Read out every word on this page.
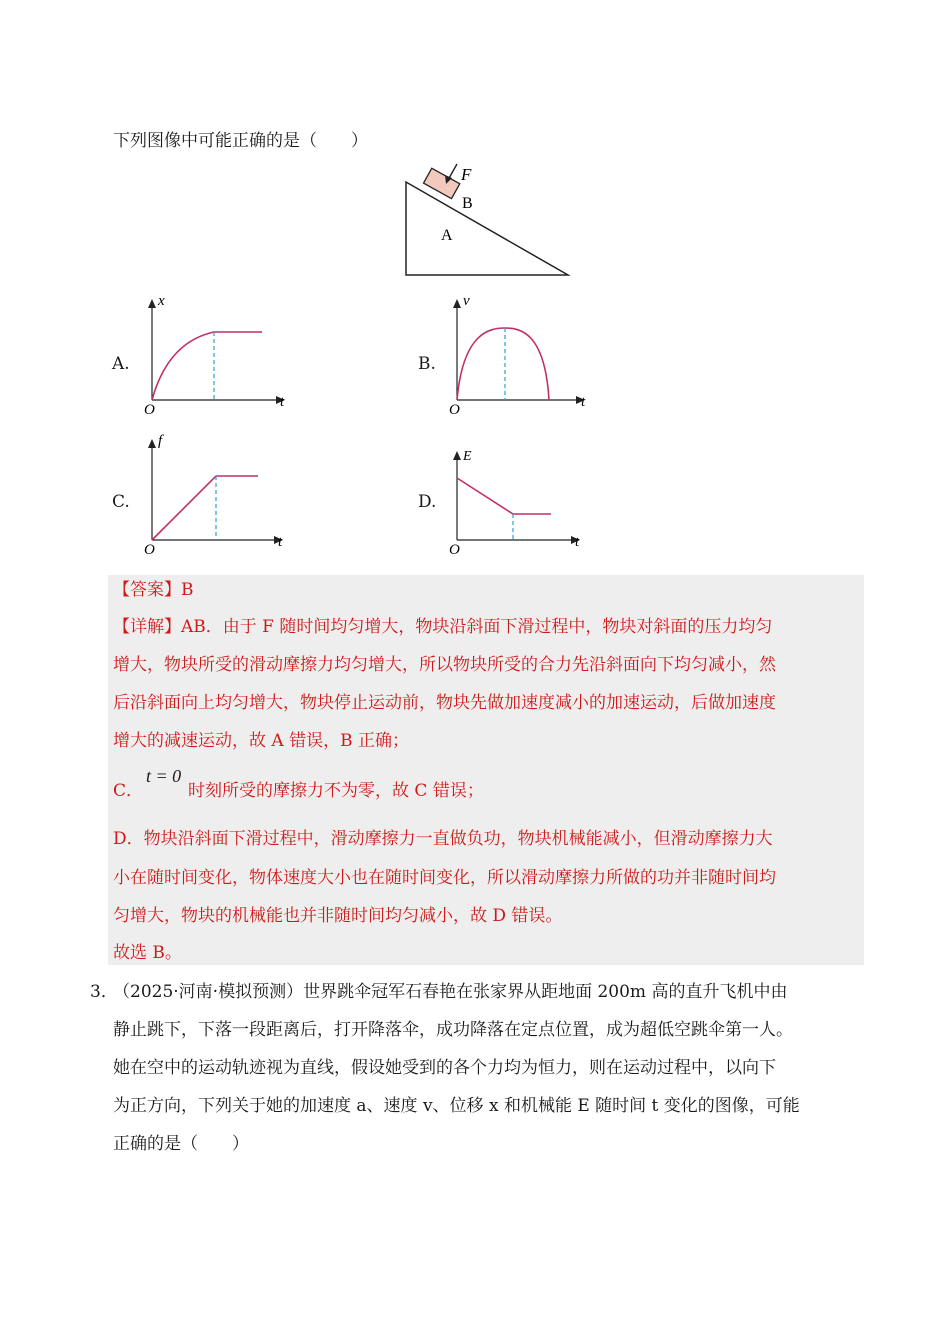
下列图像中可能正确的是（　　）
F
B
A
A.
x
t
O
B.
v
t
O
C.
f
t
O
D.
E
t
O
【答案】B
【详解】AB．由于 F 随时间均匀增大，物块沿斜面下滑过程中，物块对斜面的压力均匀
增大，物块所受的滑动摩擦力均匀增大，所以物块所受的合力先沿斜面向下均匀减小，然
后沿斜面向上均匀增大，物块停止运动前，物块先做加速度减小的加速运动，后做加速度
增大的减速运动，故 A 错误，B 正确；
C．
t = 0
时刻所受的摩擦力不为零，故 C 错误；
D．物块沿斜面下滑过程中，滑动摩擦力一直做负功，物块机械能减小，但滑动摩擦力大
小在随时间变化，物体速度大小也在随时间变化，所以滑动摩擦力所做的功并非随时间均
匀增大，物块的机械能也并非随时间均匀减小，故 D 错误。
故选 B。
3．
（2025·河南·模拟预测）世界跳伞冠军石春艳在张家界从距地面 200m 高的直升飞机中由
静止跳下，下落一段距离后，打开降落伞，成功降落在定点位置，成为超低空跳伞第一人。
她在空中的运动轨迹视为直线，假设她受到的各个力均为恒力，则在运动过程中，以向下
为正方向，下列关于她的加速度 a、速度 v、位移 x 和机械能 E 随时间 t 变化的图像，可能
正确的是（　　）
